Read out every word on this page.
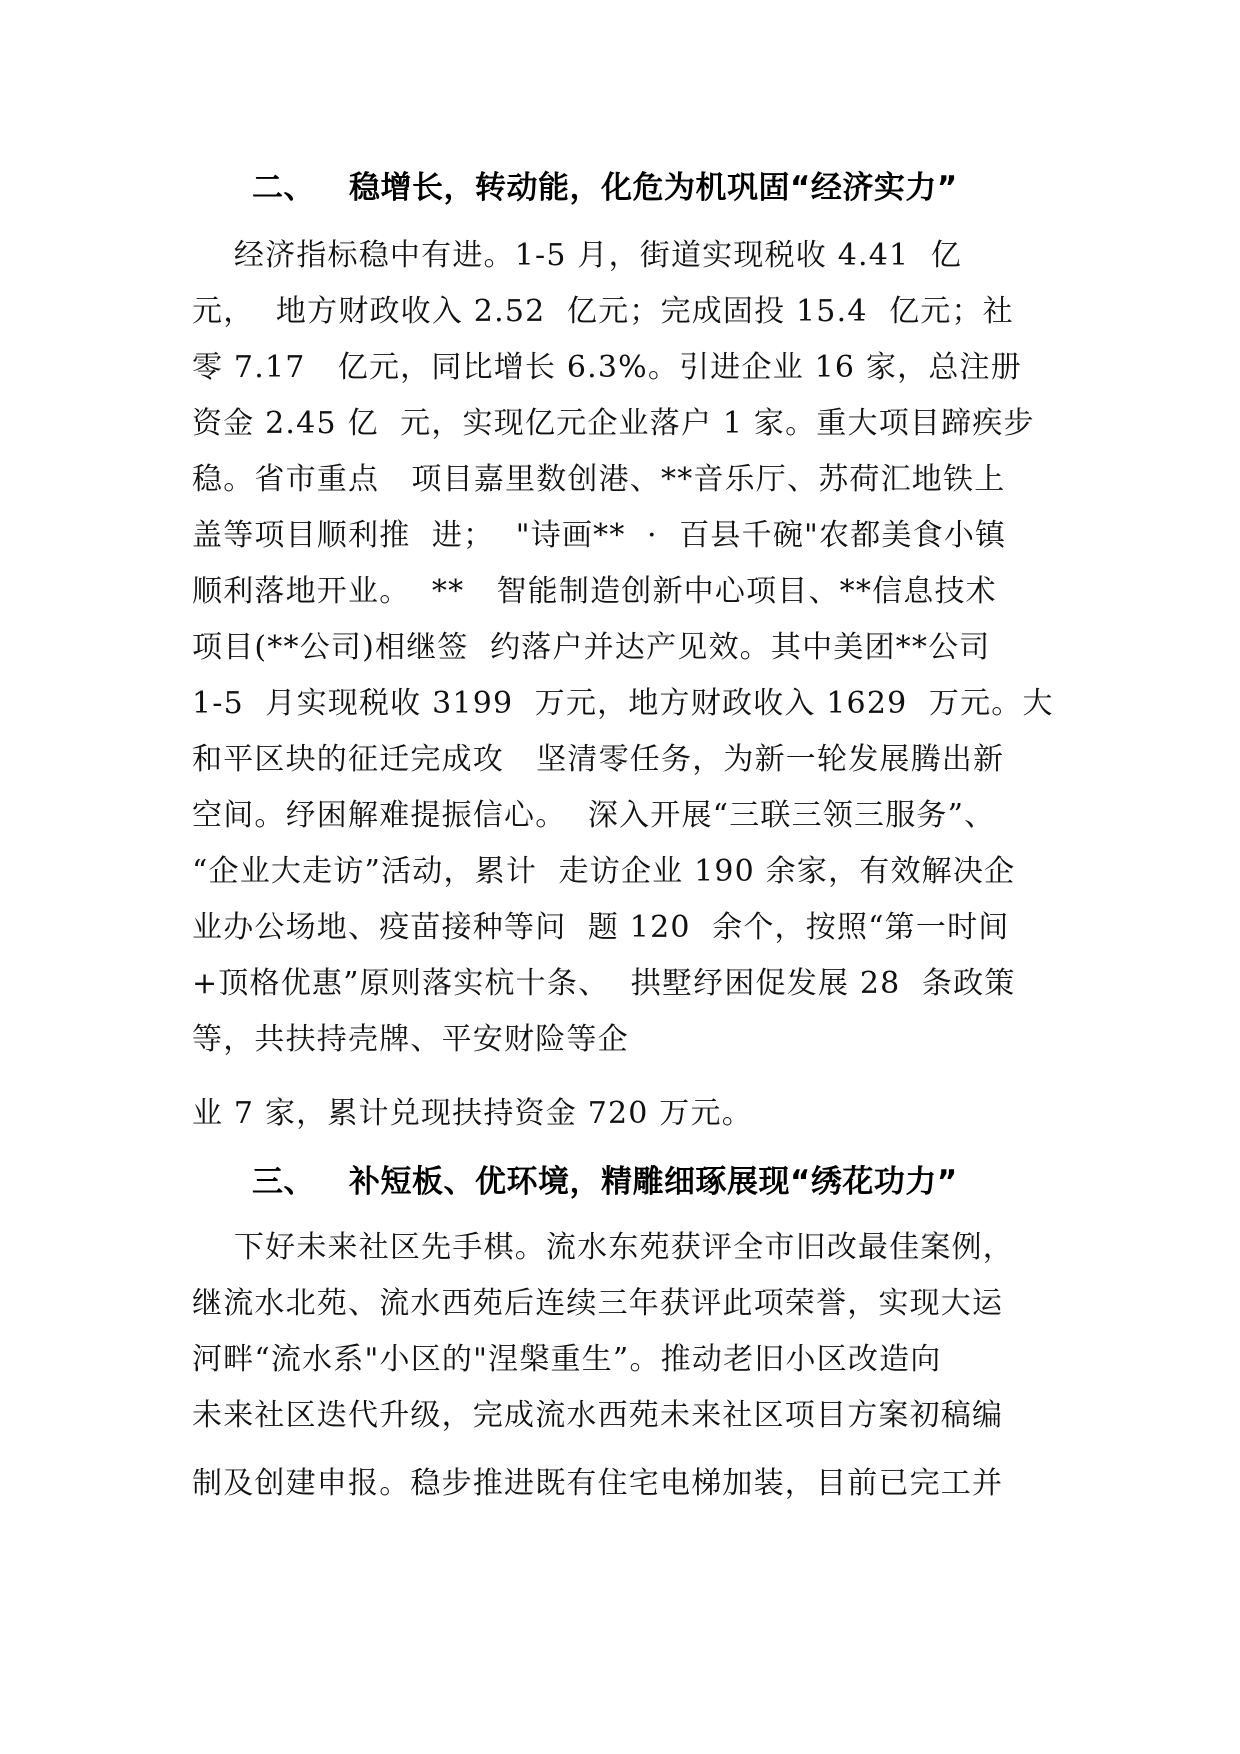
二、 稳增长，转动能，化危为机巩固“经济实力”
　 经济指标稳中有进。1-5 月，街道实现税收 4.41  亿
元，  地方财政收入 2.52  亿元；完成固投 15.4  亿元；社
零 7.17   亿元，同比增长 6.3%。引进企业 16 家，总注册
资金 2.45 亿  元，实现亿元企业落户 1 家。重大项目蹄疾步
稳。省市重点   项目嘉里数创港、**音乐厅、苏荷汇地铁上
盖等项目顺利推  进；  "诗画**  ·  百县千碗"农都美食小镇
顺利落地开业。  **   智能制造创新中心项目、**信息技术
项目(**公司)相继签  约落户并达产见效。其中美团**公司
1-5  月实现税收 3199  万元，地方财政收入 1629  万元。大
和平区块的征迁完成攻   坚清零任务，为新一轮发展腾出新
空间。纾困解难提振信心。  深入开展“三联三领三服务”、
“企业大走访”活动，累计  走访企业 190 余家，有效解决企
业办公场地、疫苗接种等问  题 120  余个，按照“第一时间
+顶格优惠”原则落实杭十条、  拱墅纾困促发展 28  条政策
等，共扶持壳牌、平安财险等企
业 7 家，累计兑现扶持资金 720 万元。
三、 补短板、优环境，精雕细琢展现“绣花功力”
　 下好未来社区先手棋。流水东苑获评全市旧改最佳案例，
继流水北苑、流水西苑后连续三年获评此项荣誉，实现大运
河畔“流水系"小区的"涅槃重生”。推动老旧小区改造向
未来社区迭代升级，完成流水西苑未来社区项目方案初稿编
制及创建申报。稳步推进既有住宅电梯加装，目前已完工并
